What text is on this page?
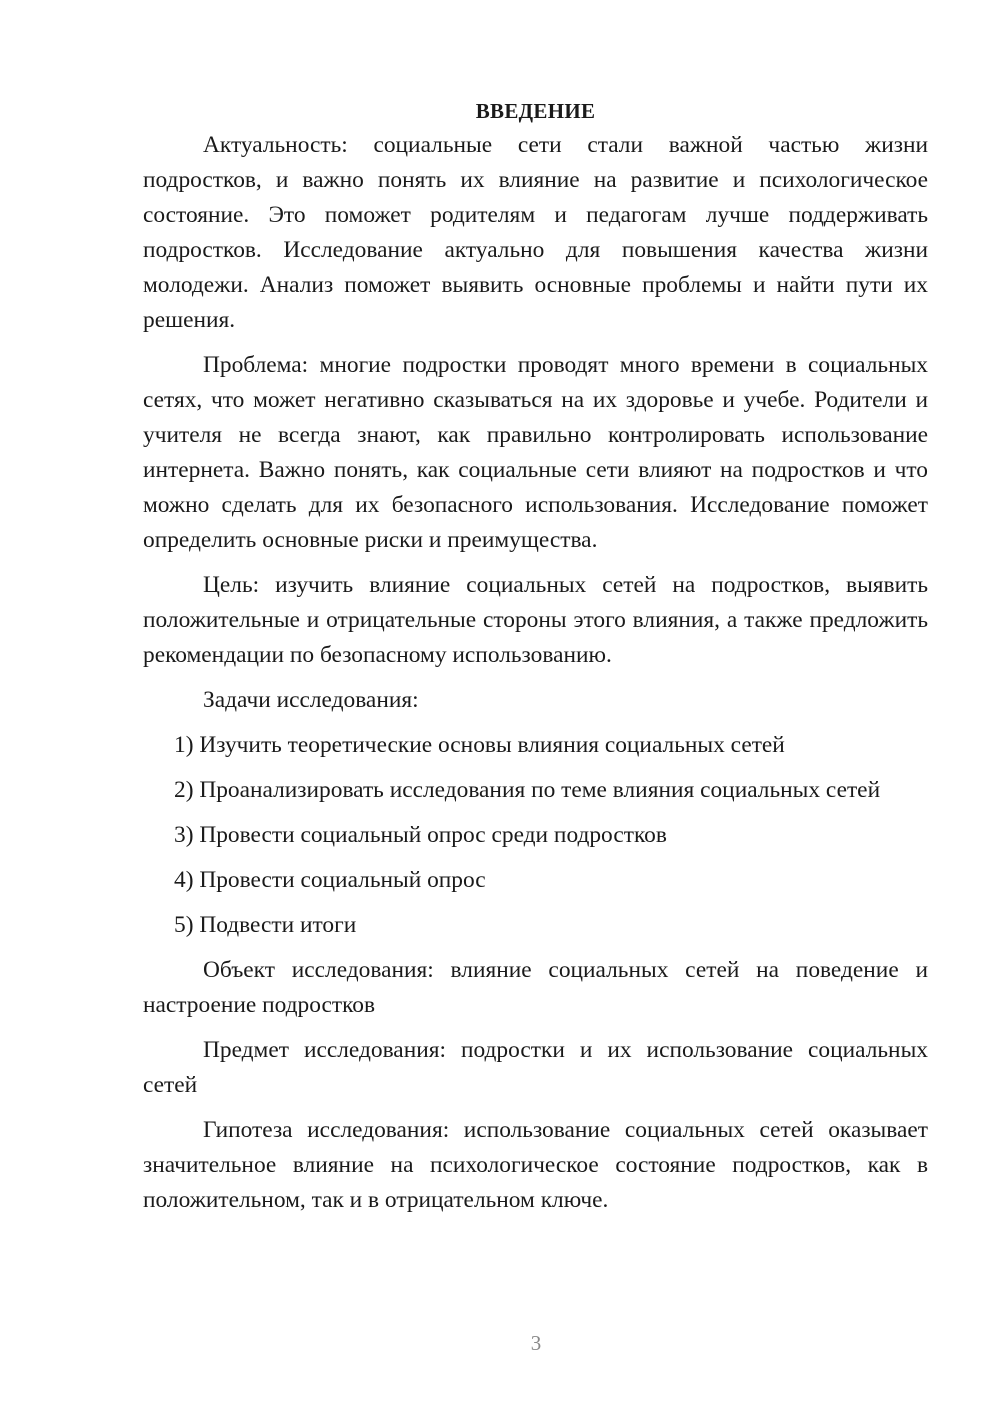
ВВЕДЕНИЕ

Актуальность: социальные сети стали важной частью жизни подростков, и важно понять их влияние на развитие и психологическое состояние. Это поможет родителям и педагогам лучше поддерживать подростков. Исследование актуально для повышения качества жизни молодежи. Анализ поможет выявить основные проблемы и найти пути их решения.

Проблема: многие подростки проводят много времени в социальных сетях, что может негативно сказываться на их здоровье и учебе. Родители и учителя не всегда знают, как правильно контролировать использование интернета. Важно понять, как социальные сети влияют на подростков и что можно сделать для их безопасного использования. Исследование поможет определить основные риски и преимущества.

Цель: изучить влияние социальных сетей на подростков, выявить положительные и отрицательные стороны этого влияния, а также предложить рекомендации по безопасному использованию.

Задачи исследования:

1) Изучить теоретические основы влияния социальных сетей
2) Проанализировать исследования по теме влияния социальных сетей
3) Провести социальный опрос среди подростков
4) Провести социальный опрос
5) Подвести итоги

Объект исследования: влияние социальных сетей на поведение и настроение подростков

Предмет исследования: подростки и их использование социальных сетей

Гипотеза исследования: использование социальных сетей оказывает значительное влияние на психологическое состояние подростков, как в положительном, так и в отрицательном ключе.

3
